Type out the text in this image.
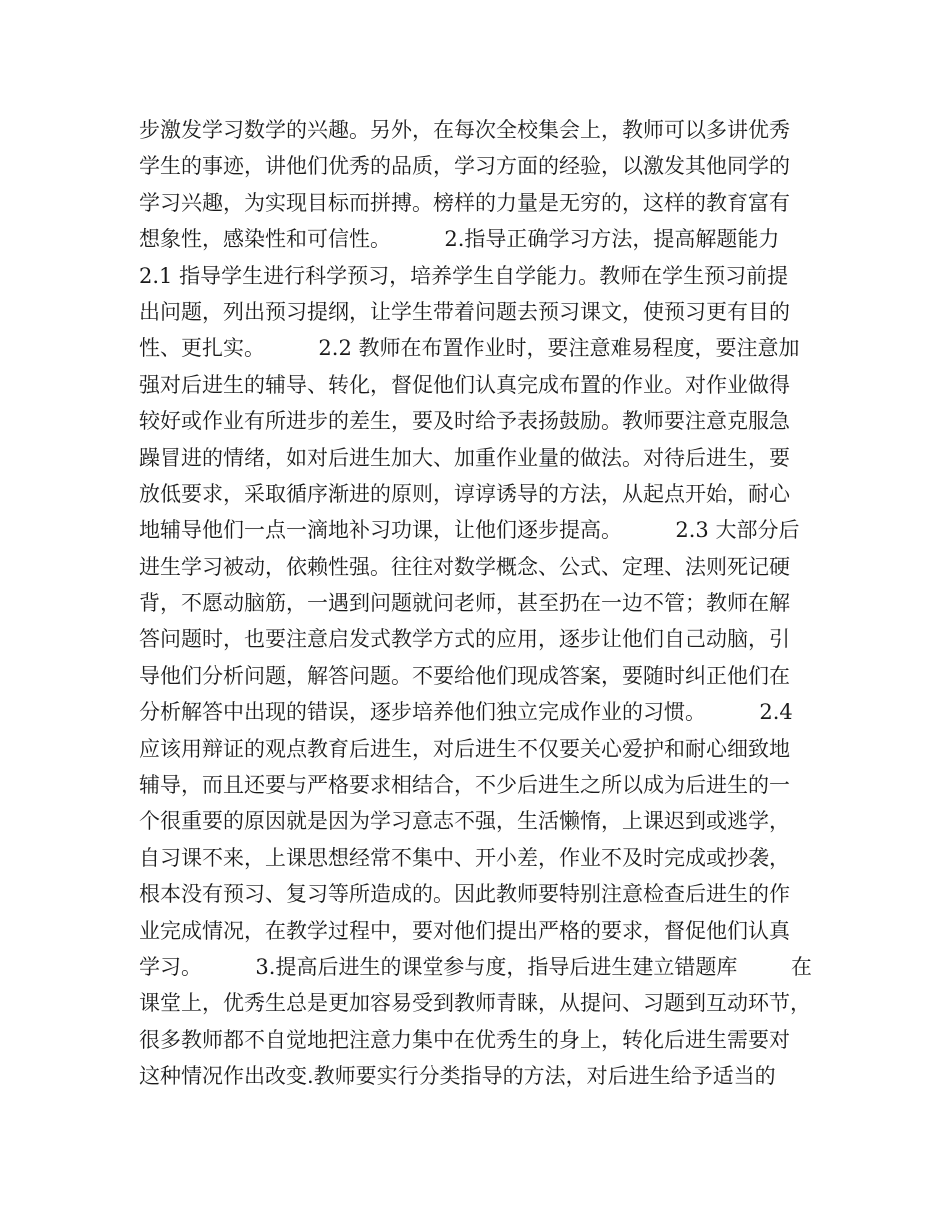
步激发学习数学的兴趣。另外，在每次全校集会上，教师可以多讲优秀
学生的事迹，讲他们优秀的品质，学习方面的经验，以激发其他同学的
学习兴趣，为实现目标而拼搏。榜样的力量是无穷的，这样的教育富有
想象性，感染性和可信性。        2.指导正确学习方法，提高解题能力
2.1 指导学生进行科学预习，培养学生自学能力。教师在学生预习前提
出问题，列出预习提纲，让学生带着问题去预习课文，使预习更有目的
性、更扎实。        2.2 教师在布置作业时，要注意难易程度，要注意加
强对后进生的辅导、转化，督促他们认真完成布置的作业。对作业做得
较好或作业有所进步的差生，要及时给予表扬鼓励。教师要注意克服急
躁冒进的情绪，如对后进生加大、加重作业量的做法。对待后进生，要
放低要求，采取循序渐进的原则，谆谆诱导的方法，从起点开始，耐心
地辅导他们一点一滴地补习功课，让他们逐步提高。        2.3 大部分后
进生学习被动，依赖性强。往往对数学概念、公式、定理、法则死记硬
背，不愿动脑筋，一遇到问题就问老师，甚至扔在一边不管；教师在解
答问题时，也要注意启发式教学方式的应用，逐步让他们自己动脑，引
导他们分析问题，解答问题。不要给他们现成答案，要随时纠正他们在
分析解答中出现的错误，逐步培养他们独立完成作业的习惯。        2.4
应该用辩证的观点教育后进生，对后进生不仅要关心爱护和耐心细致地
辅导，而且还要与严格要求相结合，不少后进生之所以成为后进生的一
个很重要的原因就是因为学习意志不强，生活懒惰，上课迟到或逃学，
自习课不来，上课思想经常不集中、开小差，作业不及时完成或抄袭，
根本没有预习、复习等所造成的。因此教师要特别注意检查后进生的作
业完成情况，在教学过程中，要对他们提出严格的要求，督促他们认真
学习。        3.提高后进生的课堂参与度，指导后进生建立错题库        在
课堂上，优秀生总是更加容易受到教师青睐，从提问、习题到互动环节，
很多教师都不自觉地把注意力集中在优秀生的身上，转化后进生需要对
这种情况作出改变.教师要实行分类指导的方法，对后进生给予适当的
